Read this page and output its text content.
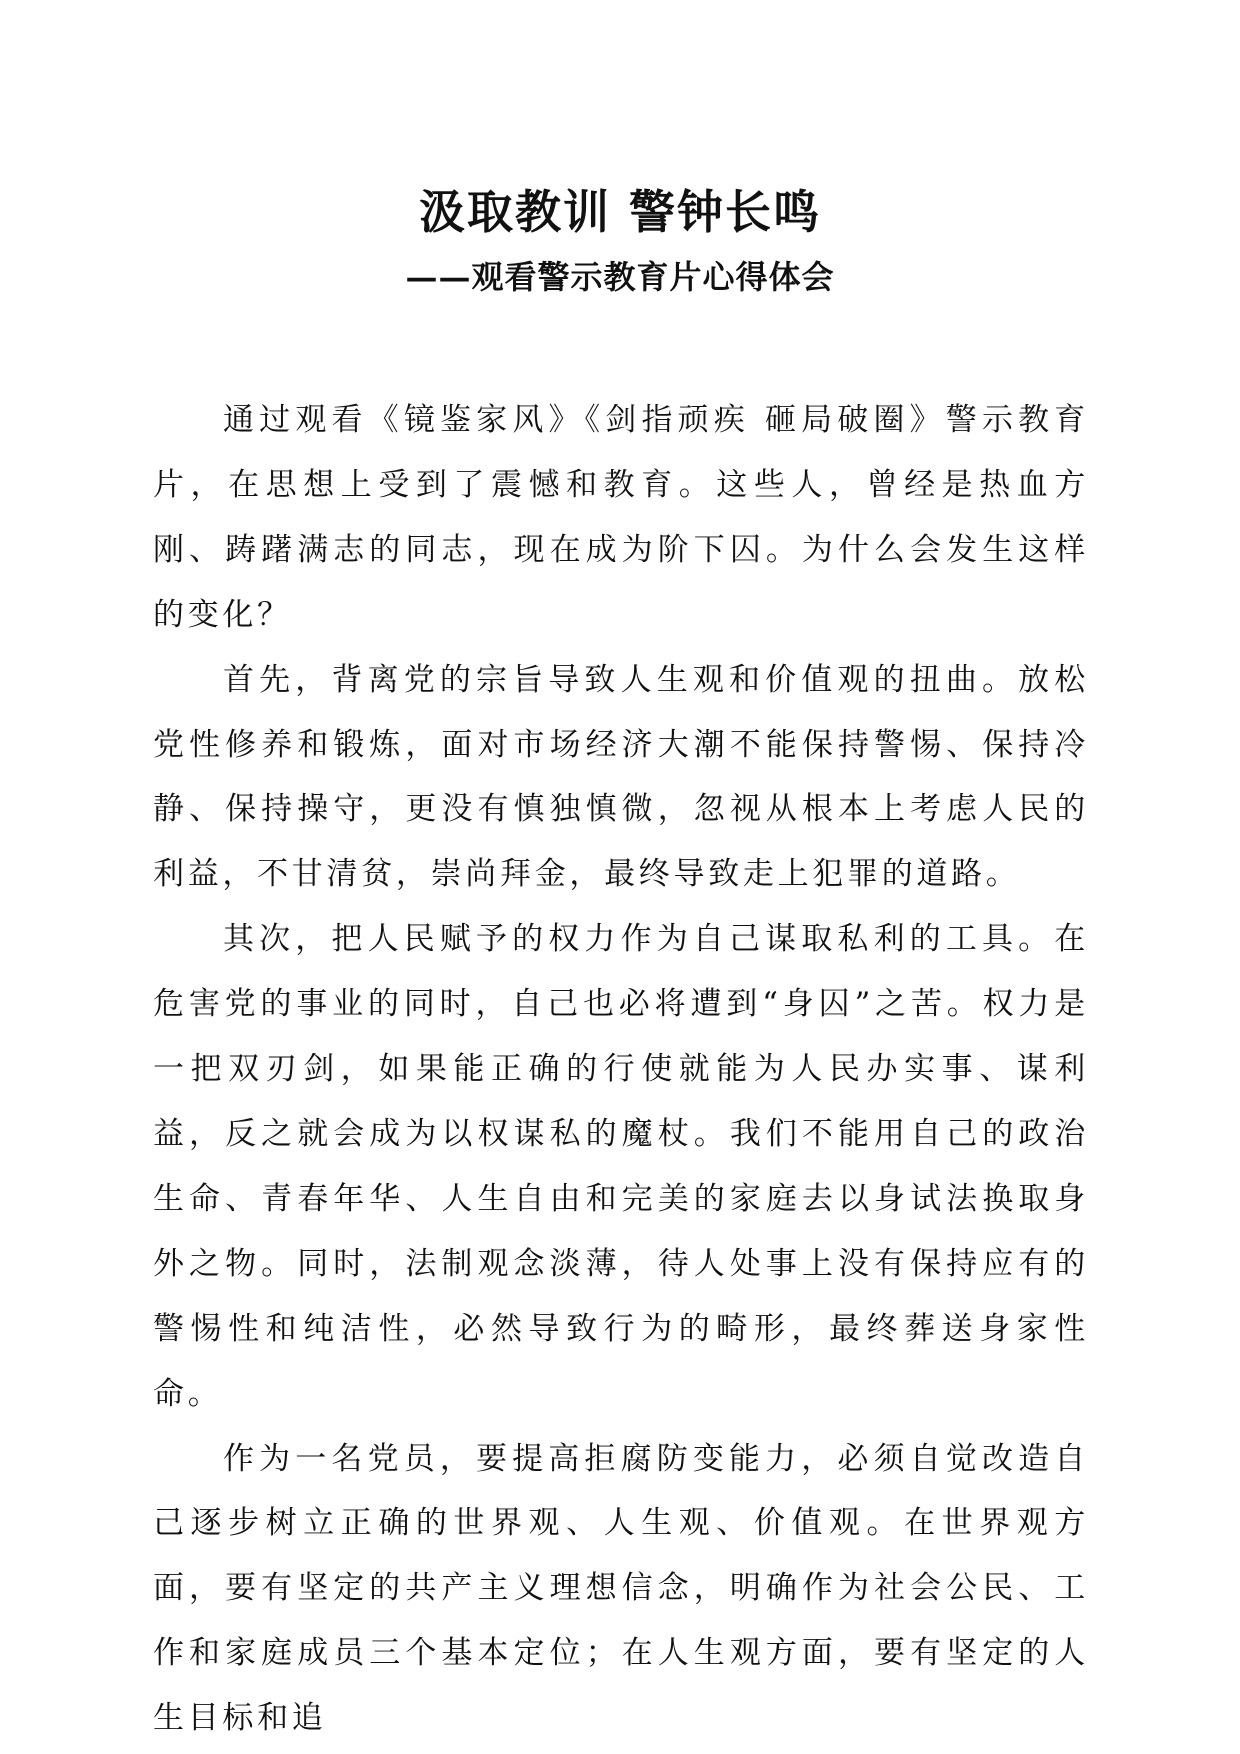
汲取教训 警钟长鸣
——观看警示教育片心得体会

通过观看《镜鉴家风》《剑指顽疾 砸局破圈》警示教育片，在思想上受到了震憾和教育。这些人，曾经是热血方刚、踌躇满志的同志，现在成为阶下囚。为什么会发生这样的变化？

首先，背离党的宗旨导致人生观和价值观的扭曲。放松党性修养和锻炼，面对市场经济大潮不能保持警惕、保持冷静、保持操守，更没有慎独慎微，忽视从根本上考虑人民的利益，不甘清贫，崇尚拜金，最终导致走上犯罪的道路。

其次，把人民赋予的权力作为自己谋取私利的工具。在危害党的事业的同时，自己也必将遭到“身囚”之苦。权力是一把双刃剑，如果能正确的行使就能为人民办实事、谋利益，反之就会成为以权谋私的魔杖。我们不能用自己的政治生命、青春年华、人生自由和完美的家庭去以身试法换取身外之物。同时，法制观念淡薄，待人处事上没有保持应有的警惕性和纯洁性，必然导致行为的畸形，最终葬送身家性命。

作为一名党员，要提高拒腐防变能力，必须自觉改造自己逐步树立正确的世界观、人生观、价值观。在世界观方面，要有坚定的共产主义理想信念，明确作为社会公民、工作和家庭成员三个基本定位；在人生观方面，要有坚定的人生目标和追
